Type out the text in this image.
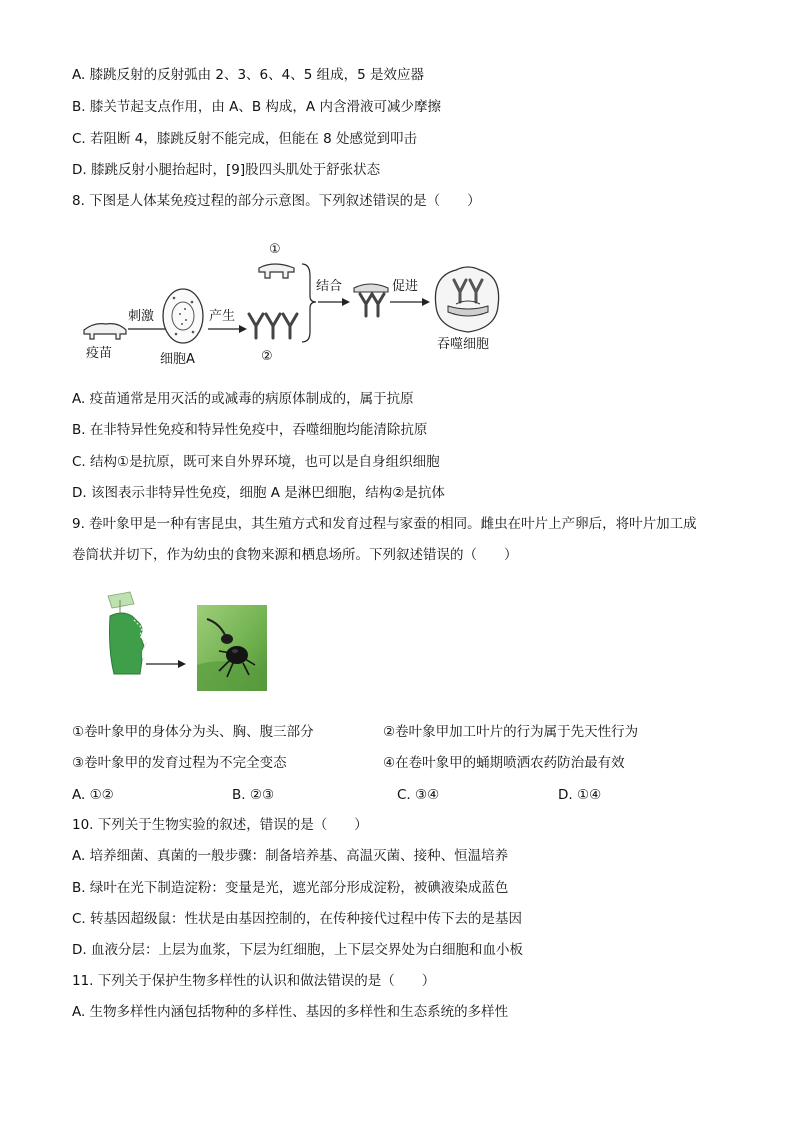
A. 膝跳反射的反射弧由 2、3、6、4、5 组成，5 是效应器
B. 膝关节起支点作用，由 A、B 构成，A 内含滑液可减少摩擦
C. 若阻断 4，膝跳反射不能完成，但能在 8 处感觉到叩击
D. 膝跳反射小腿抬起时，[9]股四头肌处于舒张状态
8. 下图是人体某免疫过程的部分示意图。下列叙述错误的是（　　）
疫苗
刺激
细胞A
产生
②
①
结合	促进
吞噬细胞
A. 疫苗通常是用灭活的或减毒的病原体制成的，属于抗原
B. 在非特异性免疫和特异性免疫中，吞噬细胞均能清除抗原
C. 结构①是抗原，既可来自外界环境，也可以是自身组织细胞
D. 该图表示非特异性免疫，细胞 A 是淋巴细胞，结构②是抗体
9. 卷叶象甲是一种有害昆虫，其生殖方式和发育过程与家蚕的相同。雌虫在叶片上产卵后，将叶片加工成
卷筒状并切下，作为幼虫的食物来源和栖息场所。下列叙述错误的（　　）
①卷叶象甲的身体分为头、胸、腹三部分	②卷叶象甲加工叶片的行为属于先天性行为
③卷叶象甲的发育过程为不完全变态	④在卷叶象甲的蛹期喷洒农药防治最有效
A. ①②	B. ②③	C. ③④	D. ①④
10. 下列关于生物实验的叙述，错误的是（　　）
A. 培养细菌、真菌的一般步骤：制备培养基、高温灭菌、接种、恒温培养
B. 绿叶在光下制造淀粉：变量是光，遮光部分形成淀粉，被碘液染成蓝色
C. 转基因超级鼠：性状是由基因控制的，在传种接代过程中传下去的是基因
D. 血液分层：上层为血浆，下层为红细胞，上下层交界处为白细胞和血小板
11. 下列关于保护生物多样性的认识和做法错误的是（　　）
A. 生物多样性内涵包括物种的多样性、基因的多样性和生态系统的多样性
